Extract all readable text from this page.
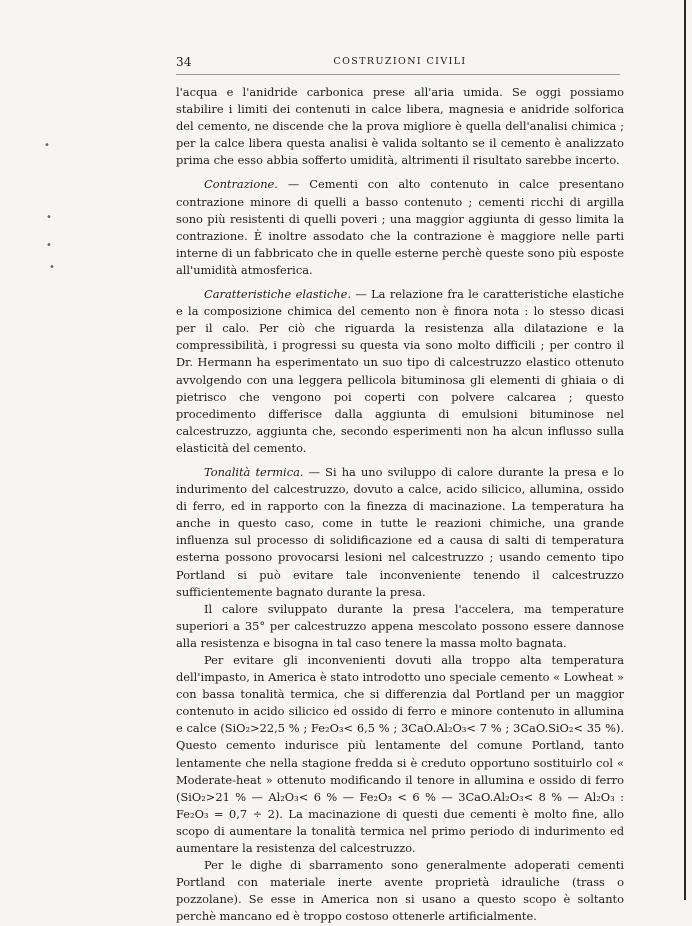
34	COSTRUZIONI CIVILI
•
•
•
•

l'acqua e l'anidride carbonica prese all'aria umida. Se oggi possiamo stabilire i limiti dei contenuti in calce libera, magnesia e anidride solforica del cemento, ne discende che la prova migliore è quella dell'analisi chimica ; per la calce libera questa analisi è valida soltanto se il cemento è analizzato prima che esso abbia sofferto umidità, altrimenti il risultato sarebbe incerto.

Contrazione. — Cementi con alto contenuto in calce presentano contrazione minore di quelli a basso contenuto ; cementi ricchi di argilla sono più resistenti di quelli poveri ; una maggior aggiunta di gesso limita la contrazione. È inoltre assodato che la contrazione è maggiore nelle parti interne di un fabbricato che in quelle esterne perchè queste sono più esposte all'umidità atmosferica.

Caratteristiche elastiche. — La relazione fra le caratteristiche elastiche e la composizione chimica del cemento non è finora nota : lo stesso dicasi per il calo. Per ciò che riguarda la resistenza alla dilatazione e la compressibilità, i progressi su questa via sono molto difficili ; per contro il Dr. Hermann ha esperimentato un suo tipo di calcestruzzo elastico ottenuto avvolgendo con una leggera pellicola bituminosa gli elementi di ghiaia o di pietrisco che vengono poi coperti con polvere calcarea ; questo procedimento differisce dalla aggiunta di emulsioni bituminose nel calcestruzzo, aggiunta che, secondo esperimenti non ha alcun influsso sulla elasticità del cemento.

Tonalità termica. — Si ha uno sviluppo di calore durante la presa e lo indurimento del calcestruzzo, dovuto a calce, acido silicico, allumina, ossido di ferro, ed in rapporto con la finezza di macinazione. La temperatura ha anche in questo caso, come in tutte le reazioni chimiche, una grande influenza sul processo di solidificazione ed a causa di salti di temperatura esterna possono provocarsi lesioni nel calcestruzzo ; usando cemento tipo Portland si può evitare tale inconveniente tenendo il calcestruzzo sufficientemente bagnato durante la presa.

Il calore sviluppato durante la presa l'accelera, ma temperature superiori a 35° per calcestruzzo appena mescolato possono essere dannose alla resistenza e bisogna in tal caso tenere la massa molto bagnata.

Per evitare gli inconvenienti dovuti alla troppo alta temperatura dell'impasto, in America è stato introdotto uno speciale cemento « Lowheat » con bassa tonalità termica, che si differenzia dal Portland per un maggior contenuto in acido silicico ed ossido di ferro e minore contenuto in allumina e calce (SiO₂>22,5 % ; Fe₂O₃< 6,5 % ; 3CaO.Al₂O₃< 7 % ; 3CaO.SiO₂< 35 %). Questo cemento indurisce più lentamente del comune Portland, tanto lentamente che nella stagione fredda si è creduto opportuno sostituirlo col « Moderate-heat » ottenuto modificando il tenore in allumina e ossido di ferro (SiO₂>21 % — Al₂O₃< 6 % — Fe₂O₃ < 6 % — 3CaO.Al₂O₃< 8 % — Al₂O₃ : Fe₂O₃ = 0,7 ÷ 2). La macinazione di questi due cementi è molto fine, allo scopo di aumentare la tonalità termica nel primo periodo di indurimento ed aumentare la resistenza del calcestruzzo.

Per le dighe di sbarramento sono generalmente adoperati cementi Portland con materiale inerte avente proprietà idrauliche (trass o pozzolane). Se esse in America non si usano a questo scopo è soltanto perchè mancano ed è troppo costoso ottenerle artificialmente.
